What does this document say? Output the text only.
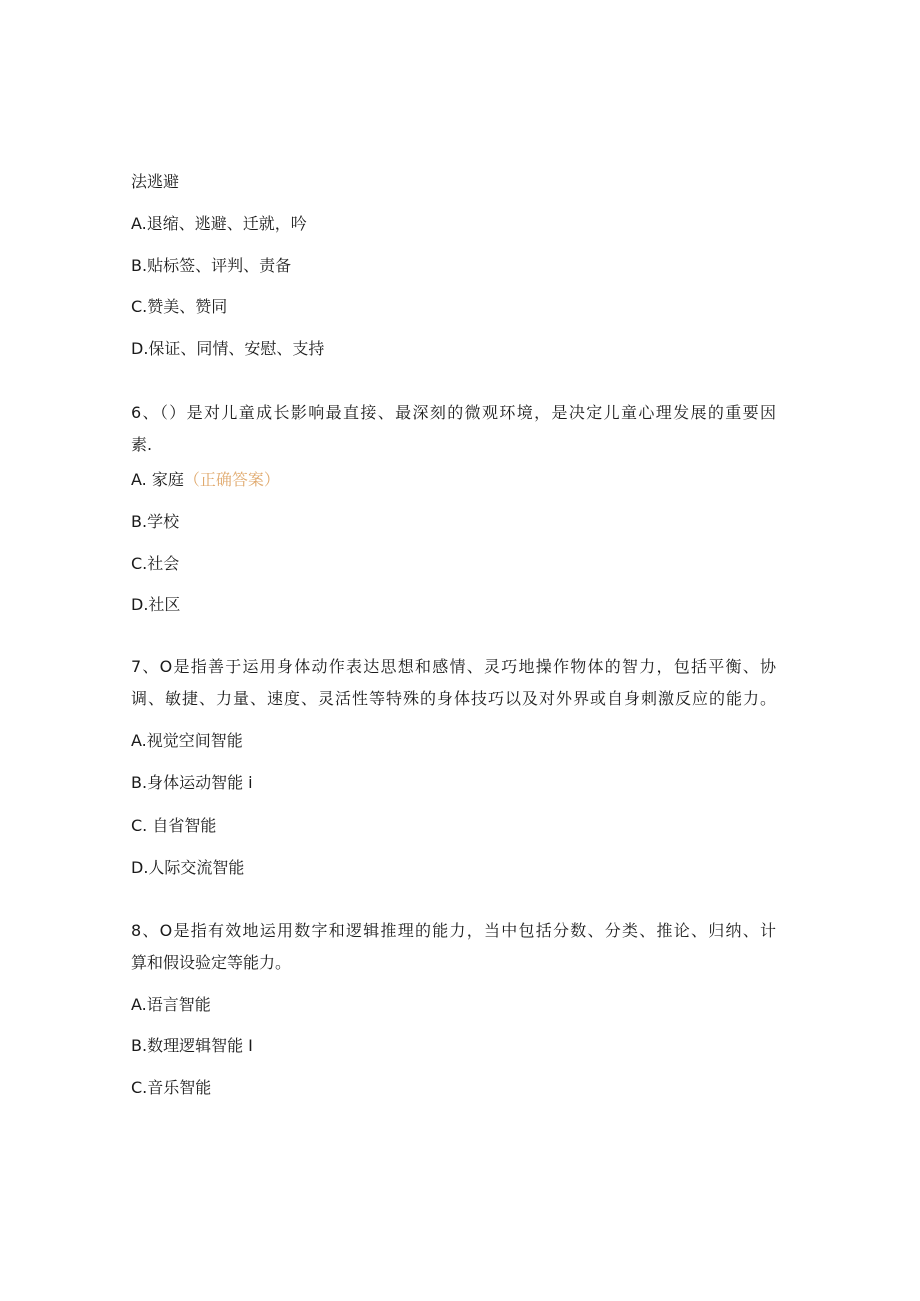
法逃避
A.退缩、逃避、迁就，吟
B.贴标签、评判、责备
C.赞美、赞同
D.保证、同情、安慰、支持
6、（）是对儿童成长影响最直接、最深刻的微观环境，是决定儿童心理发展的重要因
素.
A. 家庭（正确答案）
B.学校
C.社会
D.社区
7、O是指善于运用身体动作表达思想和感情、灵巧地操作物体的智力，包括平衡、协
调、敏捷、力量、速度、灵活性等特殊的身体技巧以及对外界或自身刺激反应的能力。
A.视觉空间智能
B.身体运动智能 i
C. 自省智能
D.人际交流智能
8、O是指有效地运用数字和逻辑推理的能力，当中包括分数、分类、推论、归纳、计
算和假设验定等能力。
A.语言智能
B.数理逻辑智能 I
C.音乐智能
